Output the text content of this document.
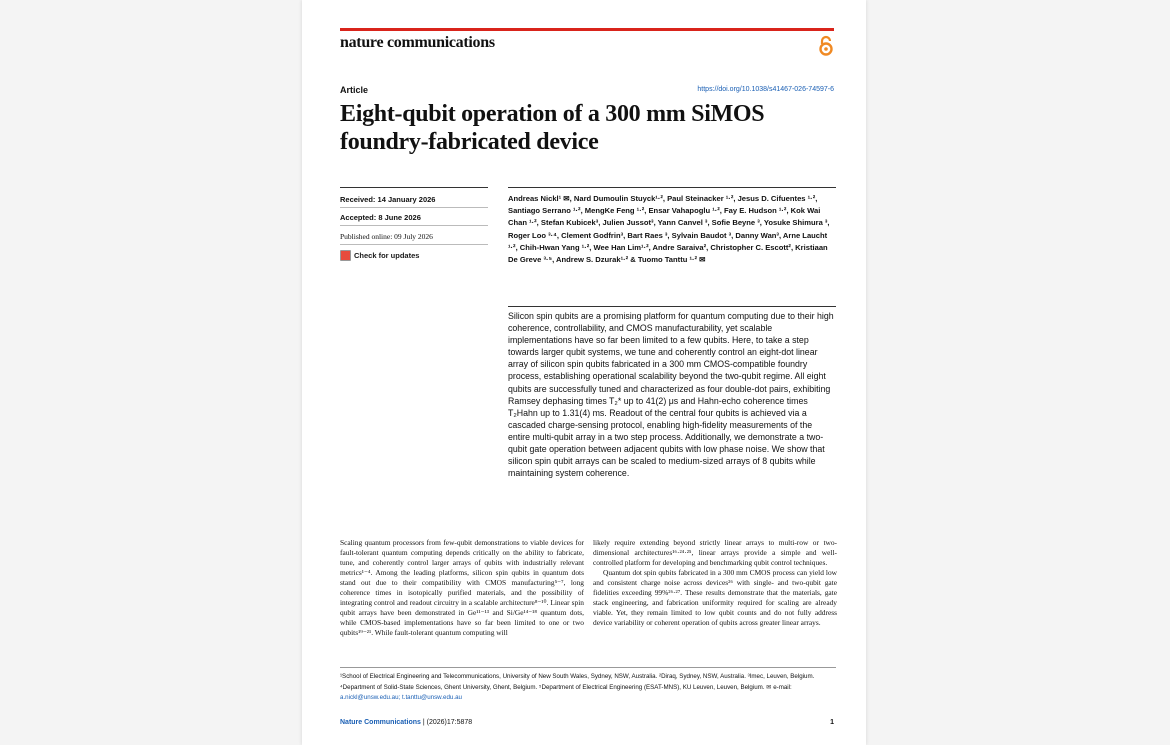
nature communications
Article	https://doi.org/10.1038/s41467-026-74597-6
Eight-qubit operation of a 300 mm SiMOS foundry-fabricated device
Received: 14 January 2026
Accepted: 8 June 2026
Published online: 09 July 2026
Check for updates
Andreas Nickl¹ ✉, Nard Dumoulin Stuyck¹·², Paul Steinacker ¹·², Jesus D. Cifuentes ¹·², Santiago Serrano ¹·², MengKe Feng ¹·², Ensar Vahapoglu ¹·², Fay E. Hudson ¹·², Kok Wai Chan ¹·², Stefan Kubicek³, Julien Jussot³, Yann Canvel ³, Sofie Beyne ³, Yosuke Shimura ³, Roger Loo ³·⁴, Clement Godfrin³, Bart Raes ³, Sylvain Baudot ³, Danny Wan³, Arne Laucht ¹·², Chih-Hwan Yang ¹·², Wee Han Lim¹·², Andre Saraiva², Christopher C. Escott², Kristiaan De Greve ³·⁵, Andrew S. Dzurak¹·² & Tuomo Tanttu ¹·² ✉
Silicon spin qubits are a promising platform for quantum computing due to their high coherence, controllability, and CMOS manufacturability, yet scalable implementations have so far been limited to a few qubits. Here, to take a step towards larger qubit systems, we tune and coherently control an eight-dot linear array of silicon spin qubits fabricated in a 300 mm CMOS-compatible foundry process, establishing operational scalability beyond the two-qubit regime. All eight qubits are successfully tuned and characterized as four double-dot pairs, exhibiting Ramsey dephasing times T₂* up to 41(2) μs and Hahn-echo coherence times T₂Hahn up to 1.31(4) ms. Readout of the central four qubits is achieved via a cascaded charge-sensing protocol, enabling high-fidelity measurements of the entire multi-qubit array in a two step process. Additionally, we demonstrate a two-qubit gate operation between adjacent qubits with low phase noise. We show that silicon spin qubit arrays can be scaled to medium-sized arrays of 8 qubits while maintaining system coherence.

Scaling quantum processors from few-qubit demonstrations to viable devices for fault-tolerant quantum computing depends critically on the ability to fabricate, tune, and coherently control larger arrays of qubits with industrially relevant metrics¹⁻⁴. Among the leading platforms, silicon spin qubits in quantum dots stand out due to their compatibility with CMOS manufacturing⁵⁻⁷, long coherence times in isotopically purified materials, and the possibility of integrating control and readout circuitry in a scalable architecture⁸⁻¹⁰. Linear spin qubit arrays have been demonstrated in Ge¹¹⁻¹³ and Si/Ge¹⁴⁻¹⁸ quantum dots, while CMOS-based implementations have so far been limited to one or two qubits¹⁹⁻²¹. While fault-tolerant quantum computing will

likely require extending beyond strictly linear arrays to multi-row or two-dimensional architectures¹⁶·²⁴·²⁵, linear arrays provide a simple and well-controlled platform for developing and benchmarking qubit control techniques.

Quantum dot spin qubits fabricated in a 300 mm CMOS process can yield low and consistent charge noise across devices²⁶ with single- and two-qubit gate fidelities exceeding 99%²⁶·²⁷. These results demonstrate that the materials, gate stack engineering, and fabrication uniformity required for scaling are already viable. Yet, they remain limited to low qubit counts and do not fully address device variability or coherent operation of qubits across greater linear arrays.

¹School of Electrical Engineering and Telecommunications, University of New South Wales, Sydney, NSW, Australia. ²Diraq, Sydney, NSW, Australia. ³Imec, Leuven, Belgium. ⁴Department of Solid-State Sciences, Ghent University, Ghent, Belgium. ⁵Department of Electrical Engineering (ESAT-MNS), KU Leuven, Leuven, Belgium. ✉ e-mail: a.nickl@unsw.edu.au; t.tanttu@unsw.edu.au
Nature Communications | (2026)17:5878	1
